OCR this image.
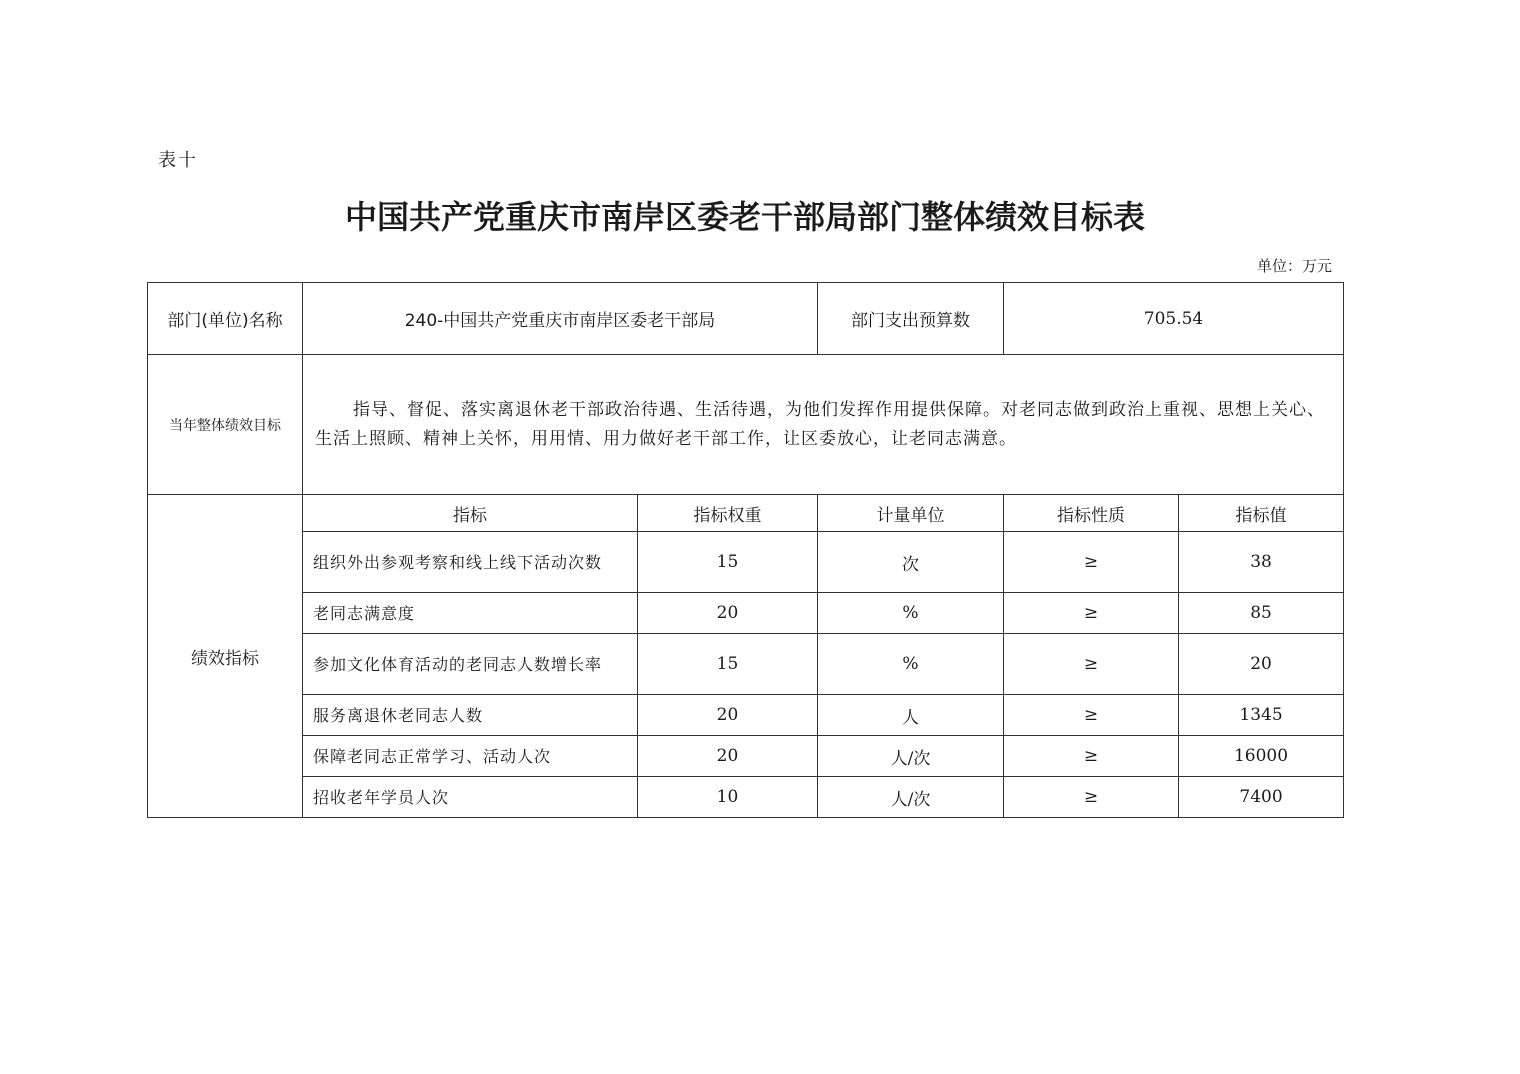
表十
中国共产党重庆市南岸区委老干部局部门整体绩效目标表
单位：万元
部门(单位)名称	240-中国共产党重庆市南岸区委老干部局		部门支出预算数	705.54	
当年整体绩效目标	指导、督促、落实离退休老干部政治待遇、生活待遇，为他们发挥作用提供保障。对老同志做到政治上重视、思想上关心、生活上照顾、精神上关怀，用用情、用力做好老干部工作，让区委放心，让老同志满意。				
绩效指标	指标	指标权重	计量单位	指标性质	指标值
	组织外出参观考察和线上线下活动次数	15	次	≥	38
	老同志满意度	20	%	≥	85
	参加文化体育活动的老同志人数增长率	15	%	≥	20
	服务离退休老同志人数	20	人	≥	1345
	保障老同志正常学习、活动人次	20	人/次	≥	16000
	招收老年学员人次	10	人/次	≥	7400
